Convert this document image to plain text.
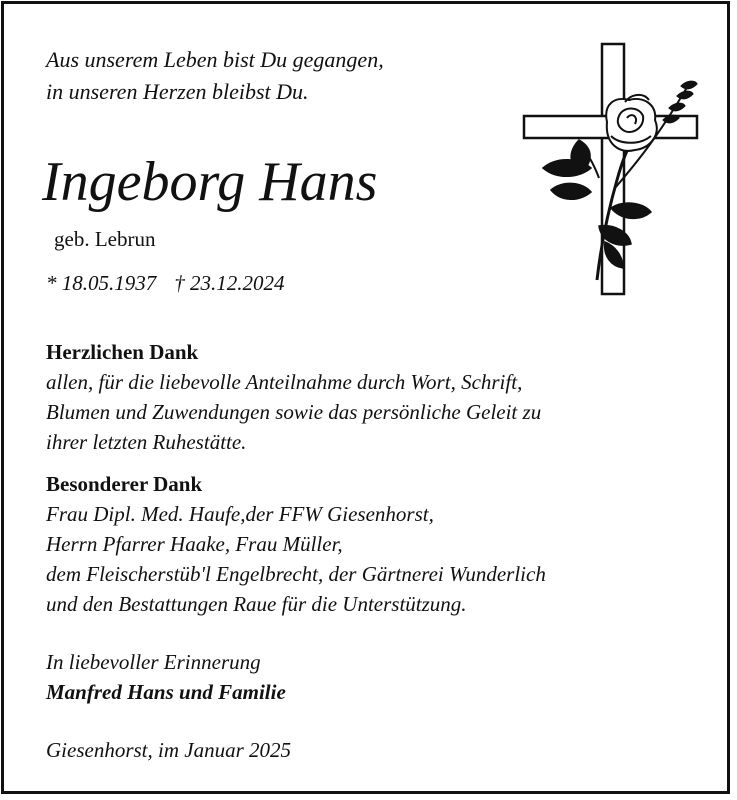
Aus unserem Leben bist Du gegangen,

in unseren Herzen bleibst Du.

Ingeborg Hans

geb. Lebrun

* 18.05.1937 † 23.12.2024

Herzlichen Dank

allen, für die liebevolle Anteilnahme durch Wort, Schrift,

Blumen und Zuwendungen sowie das persönliche Geleit zu

ihrer letzten Ruhestätte.

Besonderer Dank

Frau Dipl. Med. Haufe,der FFW Giesenhorst,

Herrn Pfarrer Haake, Frau Müller,

dem Fleischerstüb'l Engelbrecht, der Gärtnerei Wunderlich

und den Bestattungen Raue für die Unterstützung.

In liebevoller Erinnerung

Manfred Hans und Familie

Giesenhorst, im Januar 2025
